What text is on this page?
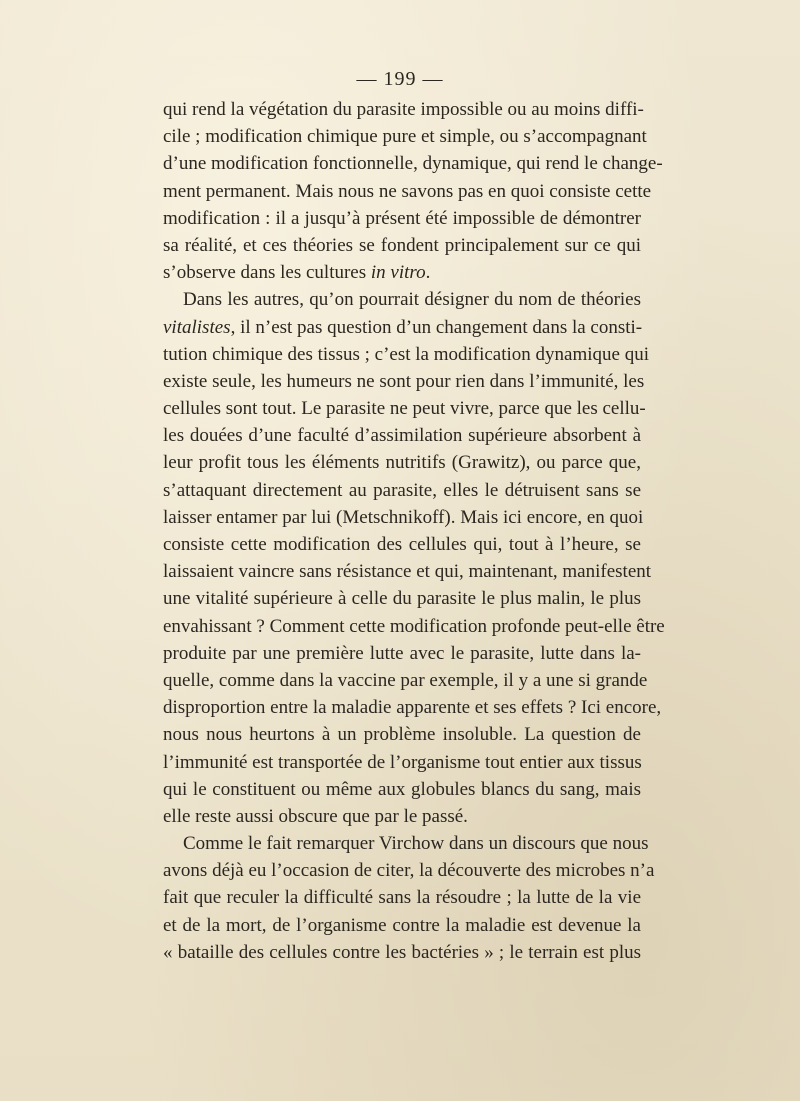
— 199 —
qui rend la végétation du parasite impossible ou au moins diffi-
cile ; modification chimique pure et simple, ou s’accompagnant
d’une modification fonctionnelle, dynamique, qui rend le change-
ment permanent. Mais nous ne savons pas en quoi consiste cette
modification : il a jusqu’à présent été impossible de démontrer
sa réalité, et ces théories se fondent principalement sur ce qui
s’observe dans les cultures in vitro.
Dans les autres, qu’on pourrait désigner du nom de théories
vitalistes, il n’est pas question d’un changement dans la consti-
tution chimique des tissus ; c’est la modification dynamique qui
existe seule, les humeurs ne sont pour rien dans l’immunité, les
cellules sont tout. Le parasite ne peut vivre, parce que les cellu-
les douées d’une faculté d’assimilation supérieure absorbent à
leur profit tous les éléments nutritifs (Grawitz), ou parce que,
s’attaquant directement au parasite, elles le détruisent sans se
laisser entamer par lui (Metschnikoff). Mais ici encore, en quoi
consiste cette modification des cellules qui, tout à l’heure, se
laissaient vaincre sans résistance et qui, maintenant, manifestent
une vitalité supérieure à celle du parasite le plus malin, le plus
envahissant ? Comment cette modification profonde peut-elle être
produite par une première lutte avec le parasite, lutte dans la-
quelle, comme dans la vaccine par exemple, il y a une si grande
disproportion entre la maladie apparente et ses effets ? Ici encore,
nous nous heurtons à un problème insoluble. La question de
l’immunité est transportée de l’organisme tout entier aux tissus
qui le constituent ou même aux globules blancs du sang, mais
elle reste aussi obscure que par le passé.
Comme le fait remarquer Virchow dans un discours que nous
avons déjà eu l’occasion de citer, la découverte des microbes n’a
fait que reculer la difficulté sans la résoudre ; la lutte de la vie
et de la mort, de l’organisme contre la maladie est devenue la
« bataille des cellules contre les bactéries » ; le terrain est plus
